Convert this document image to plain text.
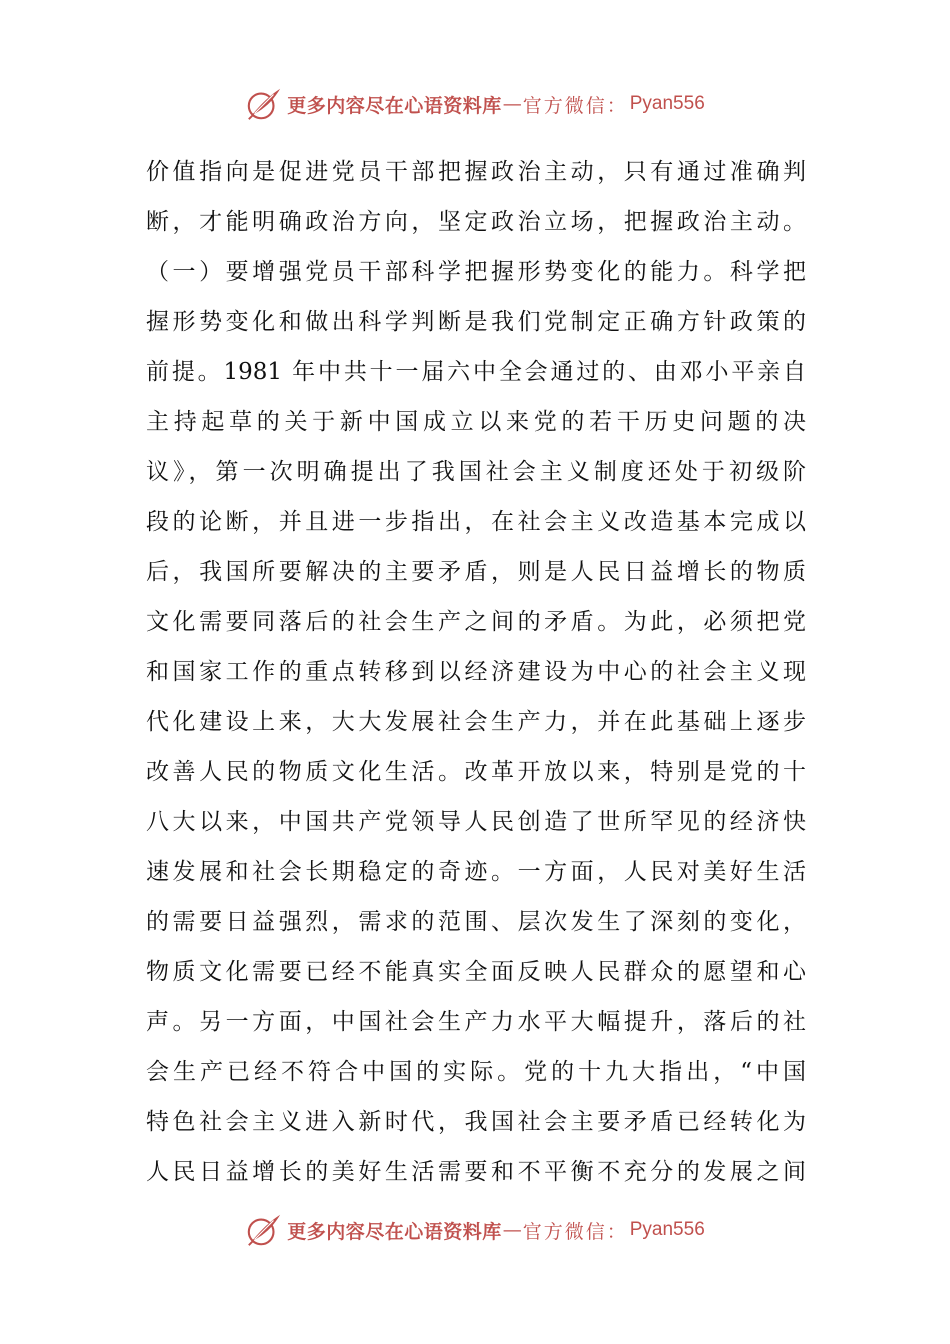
更多内容尽在心语资料库 — 官方微信： Pyan556
价值指向是促进党员干部把握政治主动，只有通过准确判
断，才能明确政治方向，坚定政治立场，把握政治主动。
（一）要增强党员干部科学把握形势变化的能力。科学把
握形势变化和做出科学判断是我们党制定正确方针政策的
前提。1981 年中共十一届六中全会通过的、由邓小平亲自
主持起草的关于新中国成立以来党的若干历史问题的决
议》，第一次明确提出了我国社会主义制度还处于初级阶
段的论断，并且进一步指出，在社会主义改造基本完成以
后，我国所要解决的主要矛盾，则是人民日益增长的物质
文化需要同落后的社会生产之间的矛盾。为此，必须把党
和国家工作的重点转移到以经济建设为中心的社会主义现
代化建设上来，大大发展社会生产力，并在此基础上逐步
改善人民的物质文化生活。改革开放以来，特别是党的十
八大以来，中国共产党领导人民创造了世所罕见的经济快
速发展和社会长期稳定的奇迹。一方面，人民对美好生活
的需要日益强烈，需求的范围、层次发生了深刻的变化，
物质文化需要已经不能真实全面反映人民群众的愿望和心
声。另一方面，中国社会生产力水平大幅提升，落后的社
会生产已经不符合中国的实际。党的十九大指出，“中国
特色社会主义进入新时代，我国社会主要矛盾已经转化为
人民日益增长的美好生活需要和不平衡不充分的发展之间
更多内容尽在心语资料库 — 官方微信： Pyan556
